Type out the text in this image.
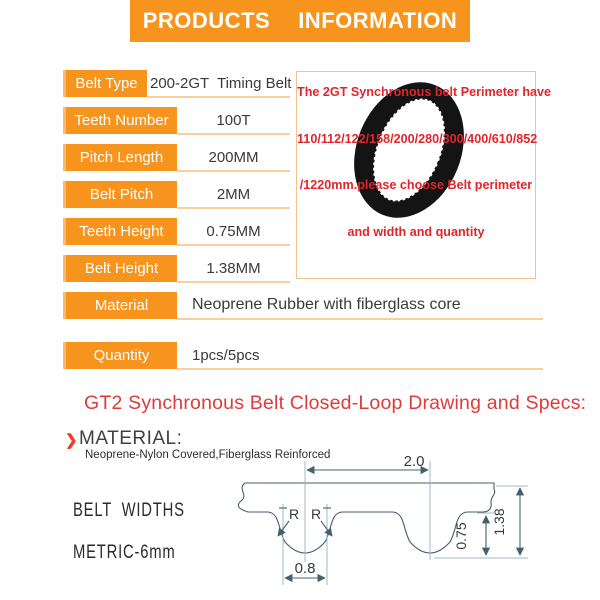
PRODUCTS INFORMATION
Belt Type 200-2GT  Timing Belt
Teeth Number	100T
Pitch Length	200MM
Belt Pitch	2MM
Teeth Height	0.75MM
Belt Height	1.38MM
Material	Neoprene Rubber with fiberglass core
Quantity	1pcs/5pcs

The 2GT Synchronous belt Perimeter have

110/112/122/158/200/280/300/400/610/852

/1220mm.please choose Belt perimeter

and width and quantity

GT2 Synchronous Belt Closed-Loop Drawing and Specs:
❯ MATERIAL:
Neoprene-Nylon Covered,Fiberglass Reinforced

BELT  WIDTHS

METRIC-6mm

2.0
0.8
R R
0.75
1.38
